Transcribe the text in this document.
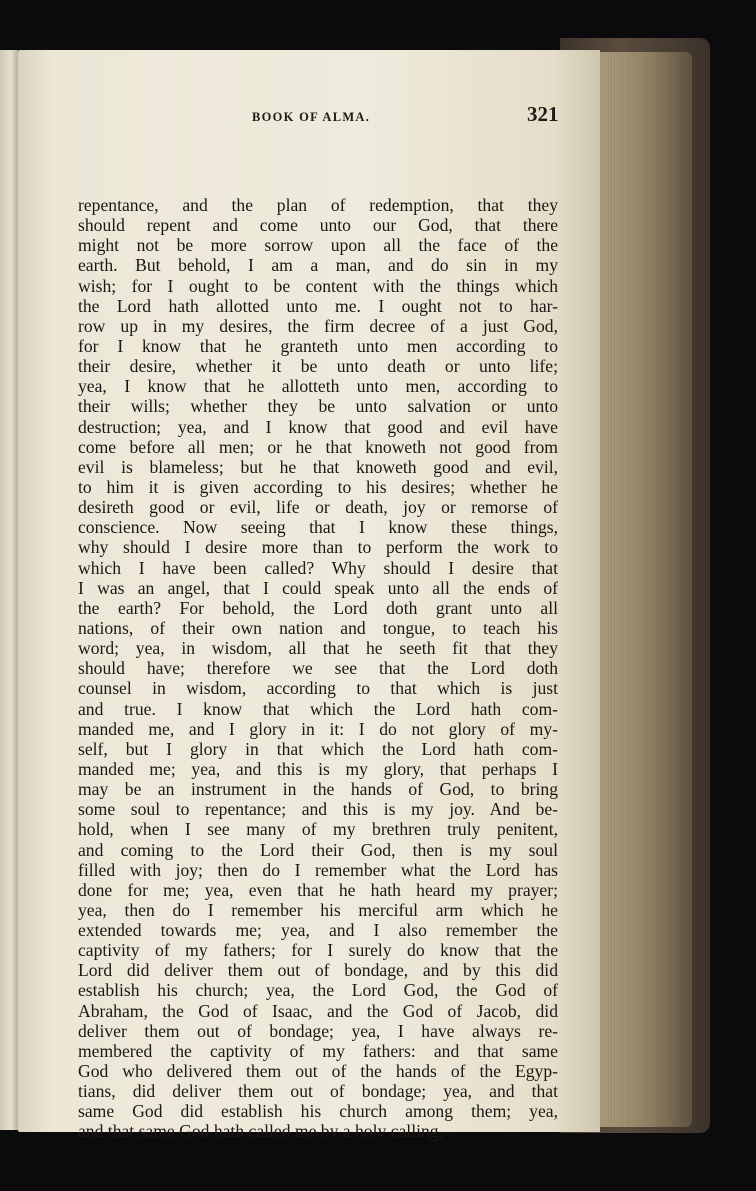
BOOK OF ALMA.	321
repentance, and the plan of redemption, that they
should repent and come unto our God, that there
might not be more sorrow upon all the face of the
earth. But behold, I am a man, and do sin in my
wish; for I ought to be content with the things which
the Lord hath allotted unto me. I ought not to har-
row up in my desires, the firm decree of a just God,
for I know that he granteth unto men according to
their desire, whether it be unto death or unto life;
yea, I know that he allotteth unto men, according to
their wills; whether they be unto salvation or unto
destruction; yea, and I know that good and evil have
come before all men; or he that knoweth not good from
evil is blameless; but he that knoweth good and evil,
to him it is given according to his desires; whether he
desireth good or evil, life or death, joy or remorse of
conscience. Now seeing that I know these things,
why should I desire more than to perform the work to
which I have been called? Why should I desire that
I was an angel, that I could speak unto all the ends of
the earth? For behold, the Lord doth grant unto all
nations, of their own nation and tongue, to teach his
word; yea, in wisdom, all that he seeth fit that they
should have; therefore we see that the Lord doth
counsel in wisdom, according to that which is just
and true. I know that which the Lord hath com-
manded me, and I glory in it: I do not glory of my-
self, but I glory in that which the Lord hath com-
manded me; yea, and this is my glory, that perhaps I
may be an instrument in the hands of God, to bring
some soul to repentance; and this is my joy. And be-
hold, when I see many of my brethren truly penitent,
and coming to the Lord their God, then is my soul
filled with joy; then do I remember what the Lord has
done for me; yea, even that he hath heard my prayer;
yea, then do I remember his merciful arm which he
extended towards me; yea, and I also remember the
captivity of my fathers; for I surely do know that the
Lord did deliver them out of bondage, and by this did
establish his church; yea, the Lord God, the God of
Abraham, the God of Isaac, and the God of Jacob, did
deliver them out of bondage; yea, I have always re-
membered the captivity of my fathers: and that same
God who delivered them out of the hands of the Egyp-
tians, did deliver them out of bondage; yea, and that
same God did establish his church among them; yea,
and that same God hath called me by a holy calling,
